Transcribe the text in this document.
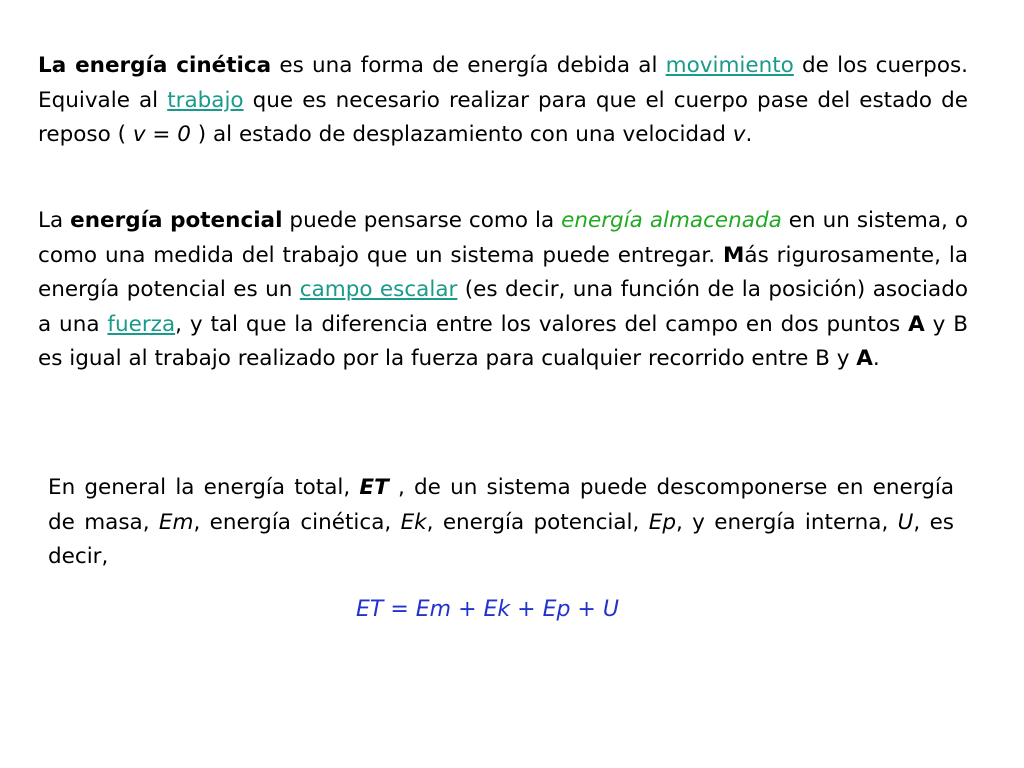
La energía cinética es una forma de energía debida al movimiento de los cuerpos. Equivale al trabajo que es necesario realizar para que el cuerpo pase del estado de reposo ( v = 0 ) al estado de desplazamiento con una velocidad v.

La energía potencial puede pensarse como la energía almacenada en un sistema, o como una medida del trabajo que un sistema puede entregar. Más rigurosamente, la energía potencial es un campo escalar (es decir, una función de la posición) asociado a una fuerza, y tal que la diferencia entre los valores del campo en dos puntos A y B es igual al trabajo realizado por la fuerza para cualquier recorrido entre B y A.

En general la energía total, ET , de un sistema puede descomponerse en energía de masa, Em, energía cinética, Ek, energía potencial, Ep, y energía interna, U, es decir,

ET = Em + Ek + Ep + U
